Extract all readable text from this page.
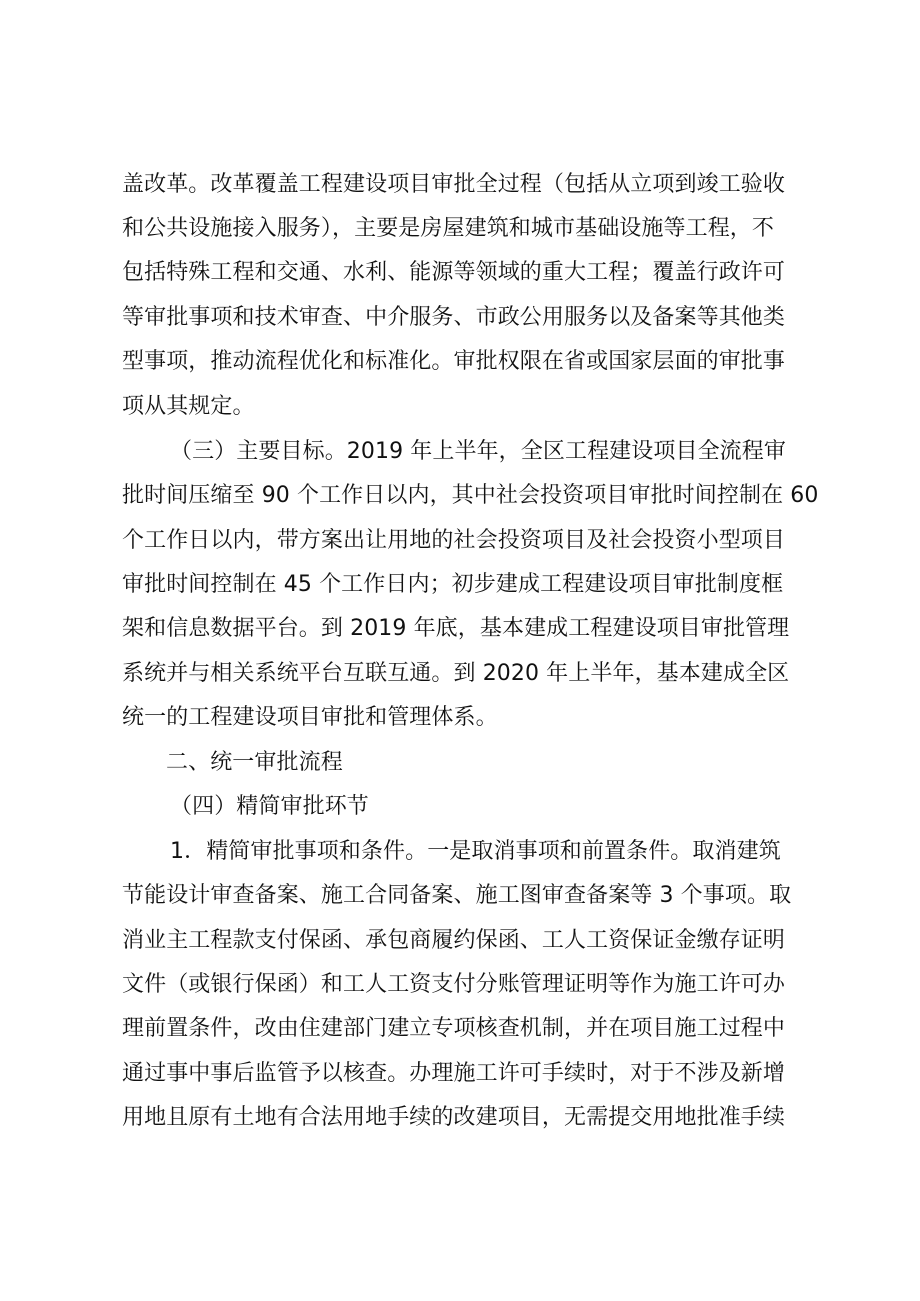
盖改革。改革覆盖工程建设项目审批全过程（包括从立项到竣工验收
和公共设施接入服务），主要是房屋建筑和城市基础设施等工程，不
包括特殊工程和交通、水利、能源等领域的重大工程；覆盖行政许可
等审批事项和技术审查、中介服务、市政公用服务以及备案等其他类
型事项，推动流程优化和标准化。审批权限在省或国家层面的审批事
项从其规定。
（三）主要目标。2019 年上半年，全区工程建设项目全流程审
批时间压缩至 90 个工作日以内，其中社会投资项目审批时间控制在 60
个工作日以内，带方案出让用地的社会投资项目及社会投资小型项目
审批时间控制在 45 个工作日内；初步建成工程建设项目审批制度框
架和信息数据平台。到 2019 年底，基本建成工程建设项目审批管理
系统并与相关系统平台互联互通。到 2020 年上半年，基本建成全区
统一的工程建设项目审批和管理体系。
二、统一审批流程
（四）精简审批环节
1．精简审批事项和条件。一是取消事项和前置条件。取消建筑
节能设计审查备案、施工合同备案、施工图审查备案等 3 个事项。取
消业主工程款支付保函、承包商履约保函、工人工资保证金缴存证明
文件（或银行保函）和工人工资支付分账管理证明等作为施工许可办
理前置条件，改由住建部门建立专项核查机制，并在项目施工过程中
通过事中事后监管予以核查。办理施工许可手续时，对于不涉及新增
用地且原有土地有合法用地手续的改建项目，无需提交用地批准手续
